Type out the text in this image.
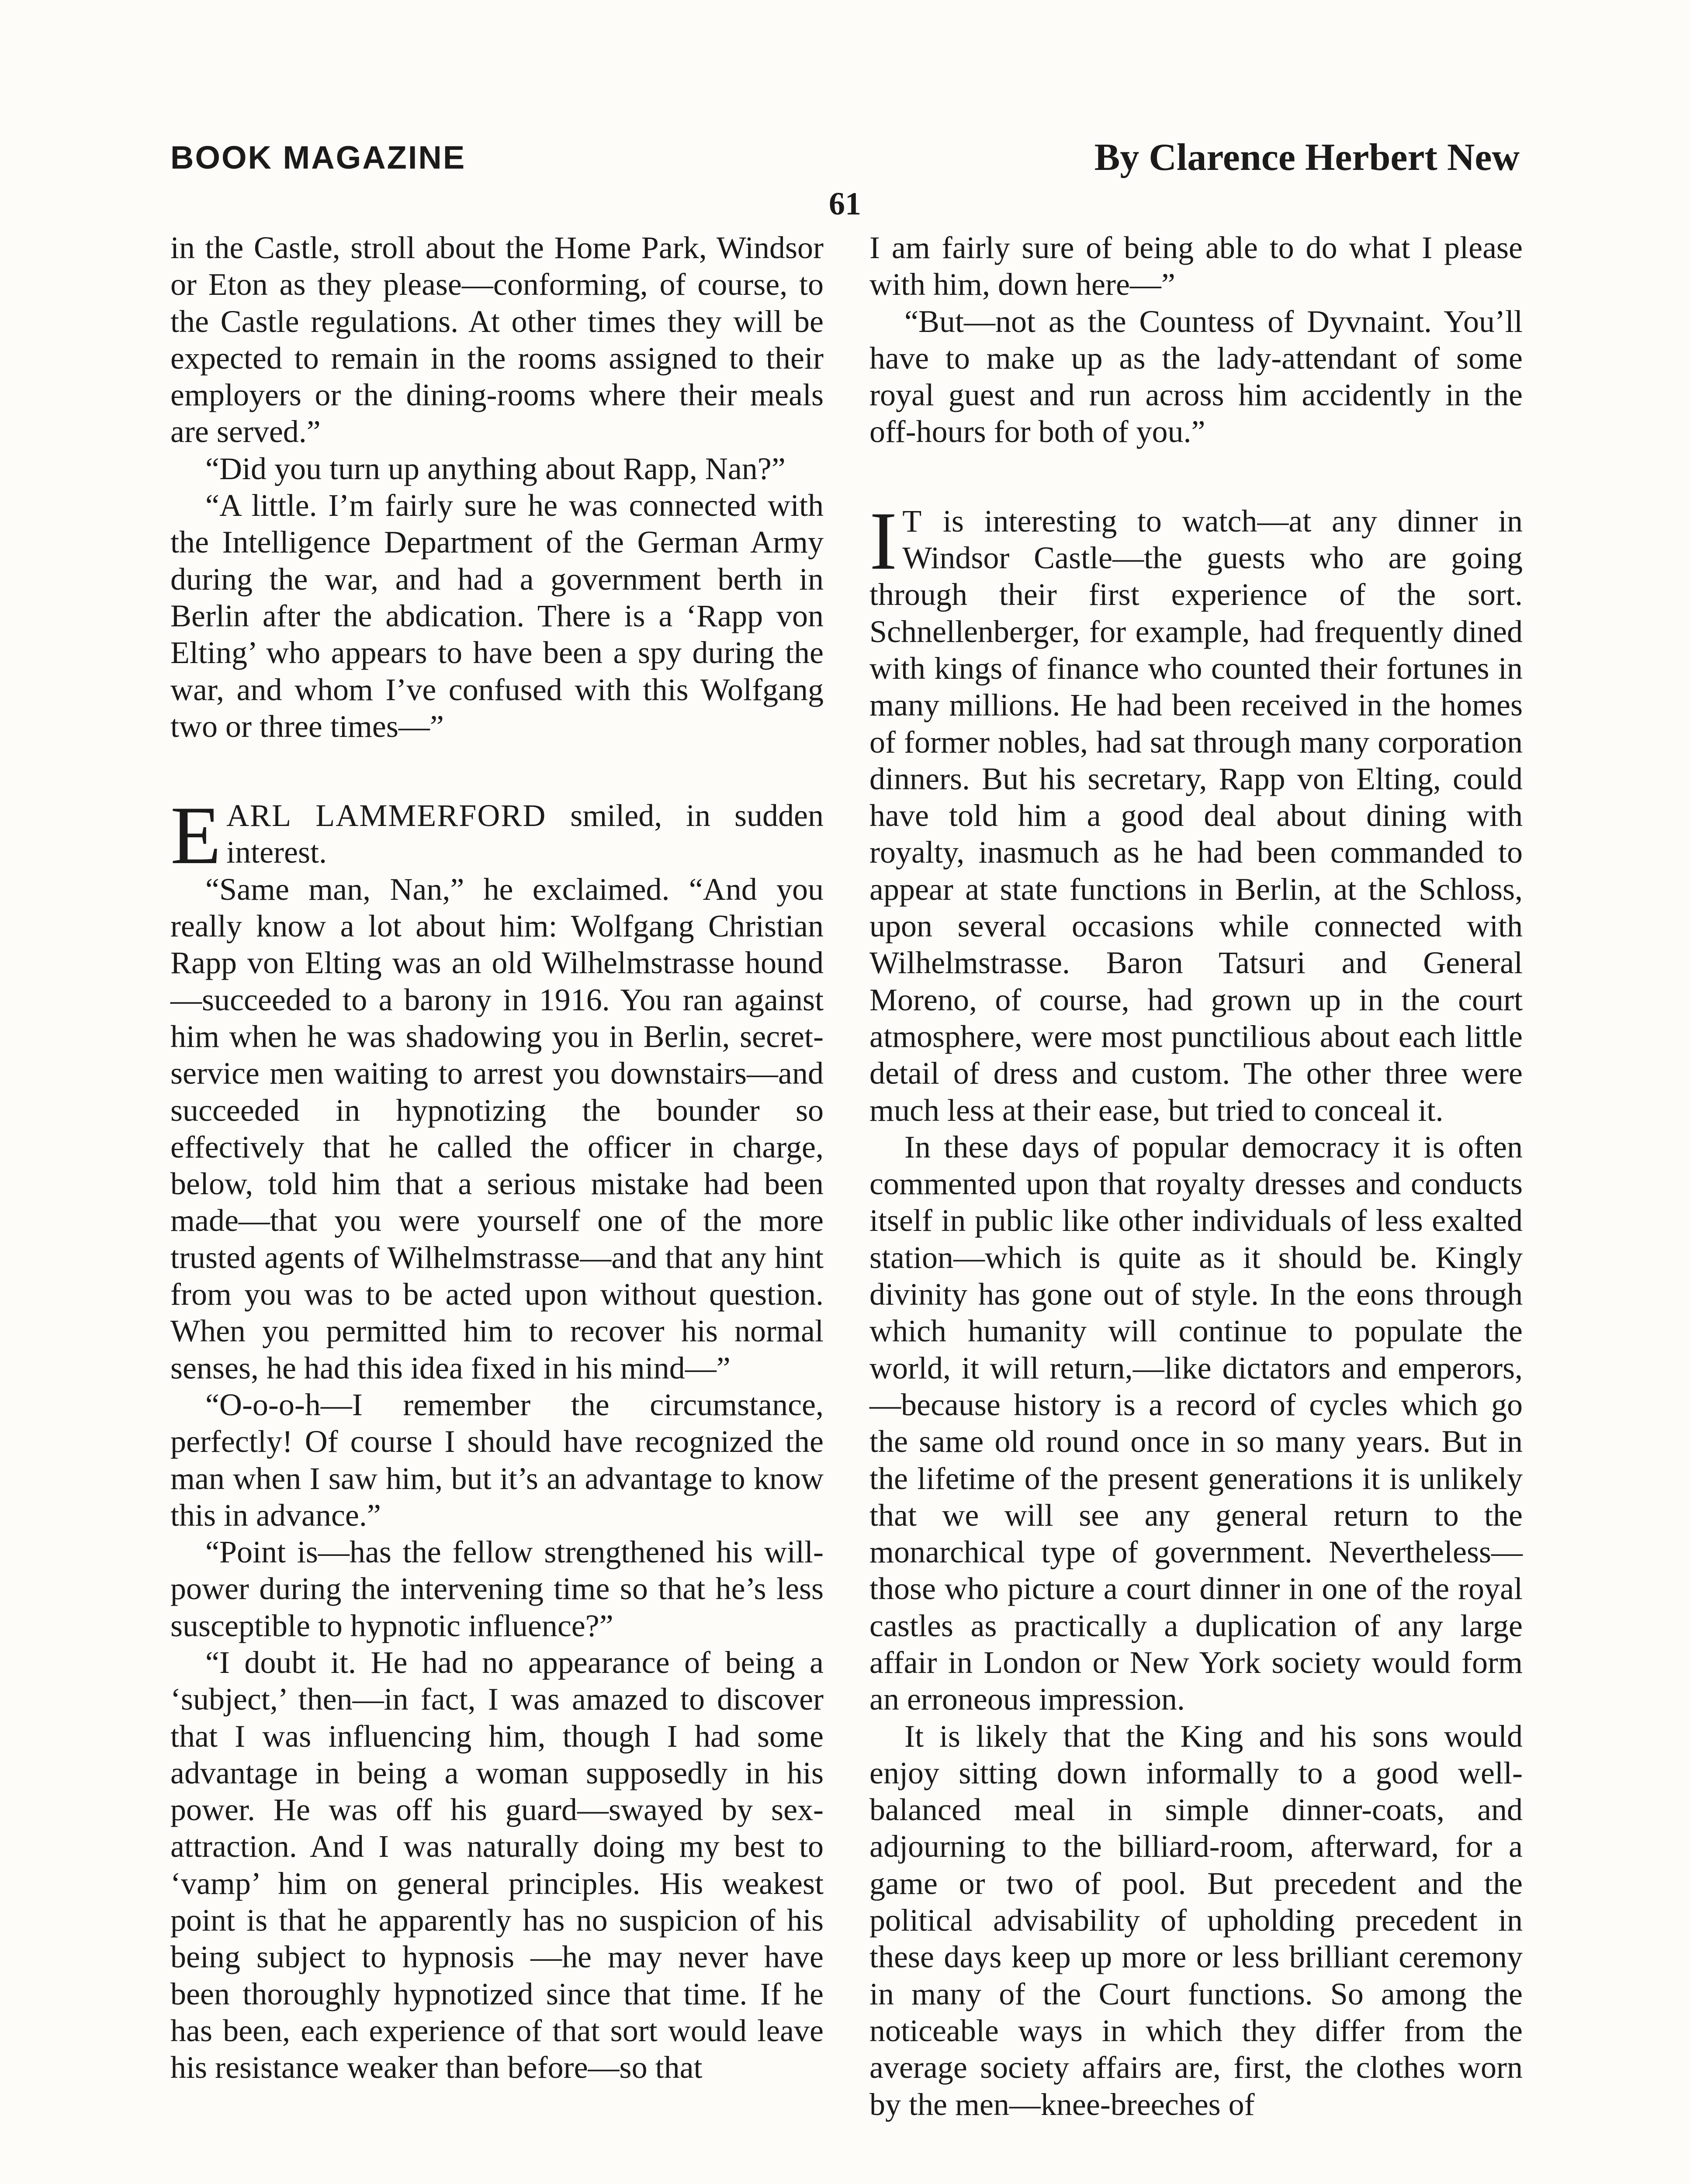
BOOK MAGAZINE	By Clarence Herbert New
61

in the Castle, stroll about the Home Park, Windsor or Eton as they please—conforming, of course, to the Castle regulations. At other times they will be expected to remain in the rooms assigned to their employers or the dining-rooms where their meals are served.”

“Did you turn up anything about Rapp, Nan?”

“A little. I’m fairly sure he was connected with the Intelligence Department of the German Army during the war, and had a government berth in Berlin after the abdication. There is a ‘Rapp von Elting’ who appears to have been a spy during the war, and whom I’ve confused with this Wolfgang two or three times—”

EARL LAMMERFORD smiled, in sudden interest.

“Same man, Nan,” he exclaimed. “And you really know a lot about him: Wolfgang Christian Rapp von Elting was an old Wilhelmstrasse hound—succeeded to a barony in 1916. You ran against him when he was shadowing you in Berlin, secret-service men waiting to arrest you downstairs—and succeeded in hypnotizing the bounder so effectively that he called the officer in charge, below, told him that a serious mistake had been made—that you were yourself one of the more trusted agents of Wilhelmstrasse—and that any hint from you was to be acted upon without question. When you permitted him to recover his normal senses, he had this idea fixed in his mind—”

“O-o-o-h—I remember the circumstance, perfectly! Of course I should have recognized the man when I saw him, but it’s an advantage to know this in advance.”

“Point is—has the fellow strengthened his will-power during the intervening time so that he’s less susceptible to hypnotic influence?”

“I doubt it. He had no appearance of being a ‘subject,’ then—in fact, I was amazed to discover that I was influencing him, though I had some advantage in being a woman supposedly in his power. He was off his guard—swayed by sex-attraction. And I was naturally doing my best to ‘vamp’ him on general principles. His weakest point is that he apparently has no suspicion of his being subject to hypnosis —he may never have been thoroughly hypnotized since that time. If he has been, each experience of that sort would leave his resistance weaker than before—so that

I am fairly sure of being able to do what I please with him, down here—”

“But—not as the Countess of Dyvnaint. You’ll have to make up as the lady-attendant of some royal guest and run across him accidently in the off-hours for both of you.”

I T is interesting to watch—at any dinner in Windsor Castle—the guests who are going through their first experience of the sort. Schnellenberger, for example, had frequently dined with kings of finance who counted their fortunes in many millions. He had been received in the homes of former nobles, had sat through many corporation dinners. But his secretary, Rapp von Elting, could have told him a good deal about dining with royalty, inasmuch as he had been commanded to appear at state functions in Berlin, at the Schloss, upon several occasions while connected with Wilhelmstrasse. Baron Tatsuri and General Moreno, of course, had grown up in the court atmosphere, were most punctilious about each little detail of dress and custom. The other three were much less at their ease, but tried to conceal it.

In these days of popular democracy it is often commented upon that royalty dresses and conducts itself in public like other individuals of less exalted station—which is quite as it should be. Kingly divinity has gone out of style. In the eons through which humanity will continue to populate the world, it will return,—like dictators and emperors,—because history is a record of cycles which go the same old round once in so many years. But in the lifetime of the present generations it is unlikely that we will see any general return to the monarchical type of government. Nevertheless—those who picture a court dinner in one of the royal castles as practically a duplication of any large affair in London or New York society would form an erroneous impression.

It is likely that the King and his sons would enjoy sitting down informally to a good well-balanced meal in simple dinner-coats, and adjourning to the billiard-room, afterward, for a game or two of pool. But precedent and the political advisability of upholding precedent in these days keep up more or less brilliant ceremony in many of the Court functions. So among the noticeable ways in which they differ from the average society affairs are, first, the clothes worn by the men—knee-breeches of
